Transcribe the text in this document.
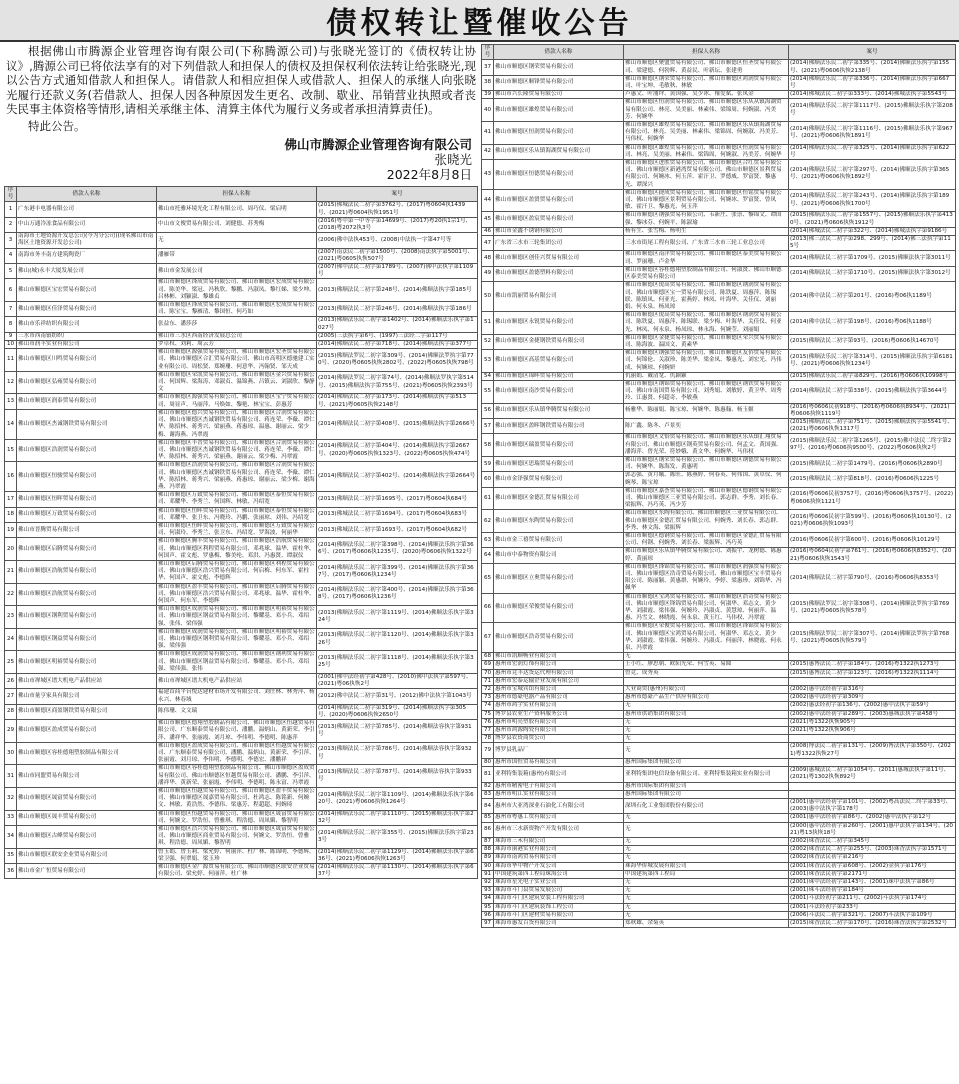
债权转让暨催收公告

根据佛山市腾源企业管理咨询有限公司(下称腾源公司)与张晓光签订的《债权转让协议》,腾源公司已将依法享有的对下列借款人和担保人的债权及担保权利依法转让给张晓光,现以公告方式通知借款人和担保人。请借款人和相应担保人或借款人、担保人的承继人向张晓光履行还款义务(若借款人、担保人因各种原因发生更名、改制、歇业、吊销营业执照或者丧失民事主体资格等情形,请相关承继主体、清算主体代为履行义务或者承担清算责任)。

特此公告。

佛山市腾源企业管理咨询有限公司
张晓光
2022年8月8日
序号	借款人名称	担保人名称	案号
1	广东港丰电器有限公司	佛山市托雅环境光化工程有限公司、周巧仪、梁启明	(2015)佛城法民二初字第3762号、(2017)粤0604执1439号、(2021)粤0604执恢1951号
2	中山万通冷冻食品有限公司	中山市文俊贸易有限公司、刘健德、苏秀梅	(2016)粤中第一中等字第14699号、(2017)粤20执1宗1号、(2018)粤2072执3号
3	南海市土地资源开发总公司(今为分公司)(现名佛山市南海区土地资源开发总公司)	无	(2006)佛中法执453号、(2008)中法执一字第47号等
4	南海市务丰南方建筑陶瓷厂	潘雁带	(2007)南法民二初字第1500号、(2008)南法执字第5001号、(2021)粤0605执恢507号
5	佛山(城)永丰大厦发展公司	佛山市金发展公司	(2007)佛中法民二初字第1789号、(2007)佛中法执字第1109号
6	佛山市顺德区宝宏贸易有限公司	佛山市顺德区锋成贸易有限公司、佛山市顺德区宏成贸易有限公司、陈美华、梁冠、冯秋欣、黎鹏、冯淑凤、黎红娣、梁少坤、吕林彬、刘颖淑、黎雄贞	(2013)佛顺法民二初字第248号、(2014)佛顺法执字第185号
7	佛山市顺德区佳泽贸易有限公司	佛山市顺德区锋成贸易有限公司、佛山市顺德区宏成贸易有限公司、陈宝宝、黎雁清、黎国恒、何巧如	(2013)佛顺法民二初字第246号、(2014)佛顺法执字第186号
8	佛山市乐祥纺织有限公司	张益东、潘莎莎	(2013)佛顺法乐民二初字第1402号、(2014)佛顺法乐执字第1027号
9	三水市西南镇纺织厂	佛山市三水区西南经济发展总公司	(2005)三法执字第6号、(1997)三法经二字第117号
10	佛山市润丰实业有限公司	罗卓权、刘莉、周云芳	(2014)佛顺法民二初字第718号、(2014)佛顺法执字第377号
11	佛山市顺德区川鸣贸易有限公司	佛山市顺德区源强贸易有限公司、佛山市顺德区宏圣贸易有限公司、佛山市顺德区合汇贸易有限公司、佛山市高明区德驰建工实业有限公司、周松贤、郑婉珊、何意华、冯翰贤、邹天成	(2015)佛顺法罗民二初字第309号、(2014)佛顺法罗执字第770号、(2020)粤0605执恢2802号、(2022)粤0605执恢798号
12	佛山市顺德区弘雍贸易有限公司	佛山市顺德区荣凯贸易有限公司、佛山市顺德区金兴贸易有限公司、何国辉、梁海涛、邓淑贞、温锦燕、吕镇云、刘淑欣、黎静文	(2014)佛顺法罗民二初字第74号、(2014)佛顺法罗执字第514号、(2015)佛顺法执字第755号、(2021)粤0605执恢2393号
13	佛山市顺德区润泰贸易有限公司	佛山市顺德区源强贸易有限公司、佛山市顺德区宝宁贸易有限公司、周显声、马丽萍、马焕如、黎艳、林宝宝、彭惠芳	(2014)佛顺法民二初字第173号、(2014)佛顺法执字第513号、(2021)粤0605执恢2148号
14	佛山市顺德区杰诚钢铁贸易有限公司	佛山市顺德区德兴贸易有限公司、佛山市顺德区合润贸易有限公司、佛山市顺德区杰诚钢铁贸易有限公司、蒋连荣、李薇、谭仁华、陈招林、蒋秀兴、梁丽燕、蒋惠琼、温惠、谢丽云、梁少梅、谢海燕、冯翠霞	(2014)佛顺法民二初字第408号、(2015)佛顺法执字第2666号
15	佛山市顺德区浩润贸易有限公司	佛山市顺德区丰晋贸易有限公司、佛山市顺德区合润贸易有限公司、佛山市顺德区杰诚钢铁贸易有限公司、蒋连荣、李薇、谭仁华、陈招林、蒋秀兴、梁丽燕、谢丽云、梁少梅、冯翠霞	(2014)佛顺法民二初字第404号、(2014)佛顺法执字第2667号、(2020)粤0605执恢1323号、(2022)粤0605执恢474号
16	佛山市顺德区恒骏贸易有限公司	佛山市顺德区浩润贸易有限公司、佛山市顺德区合润贸易有限公司、佛山市顺德区杰诚钢铁贸易有限公司、蒋连荣、李薇、谭仁华、陈招林、蒋秀兴、梁丽燕、蒋惠琼、谢丽云、梁少梅、谢海燕、冯翠霞	(2014)佛顺法民二初字第402号、(2014)佛顺法执字第2664号
17	佛山市顺德区恒晖贸易有限公司	佛山市顺德区万致贸易有限公司、佛山市顺德区泰恒贸易有限公司、邓耀华、李秀兰、何国辉、林敏、冯绍宽	(2013)佛顺法民二初字第1695号、(2017)粤0604执684号
18	佛山市顺德区万致贸易有限公司	佛山市顺德区恒晖贸易有限公司、佛山市顺德区泰恒贸易有限公司、邓耀华、张卫东、冯晓玲、冯鹏、张丽琼、刘伟、冯绍宽	(2013)佛城法民二初字第1694号、(2017)粤0604执683号
19	佛山市晋腾贸易有限公司	佛山市顺德区恒晖贸易有限公司、佛山市顺德区万致贸易有限公司、何淑玲、李秀兰、张卫东、冯绍宽、罗海波、何丽华	(2013)佛城法民二初字第1693号、(2017)粤0604执682号
20	佛山市顺德区启腾贸易有限公司	佛山市顺德区腾丰贸易有限公司、佛山市顺德区浩航贸易有限公司、佛山市顺德区利程贸易有限公司、邓兆球、温华、霍柱华、何国声、霍文彪、罗惠梅、黎美纶、邓洪、冯惠贤、谭淑仪	(2014)佛顺法乐民二初字第398号、(2014)佛顺法乐执字第366号、(2017)粤0606执1235号、(2020)粤0606执恢1322号
21	佛山市顺德区浩航贸易有限公司	佛山市顺德区启腾贸易有限公司、佛山市顺德区利程贸易有限公司、佛山市顺德区浩兴贸易有限公司、何启梅、何东军、霍柱华、何国声、霍文彪、李德辉	(2014)佛顺法乐民二初字第399号、(2014)佛顺法乐执字第367号、(2017)粤0606执1234号
22	佛山市顺德区浩航贸易有限公司	佛山市顺德区盈丰贸易有限公司、佛山市顺德区启腾贸易有限公司、佛山市顺德区浩兴贸易有限公司、邓兆球、温华、霍柱华、何国声、何东军、李德辉	(2014)佛顺法乐民二初字第400号、(2014)佛顺法乐执字第368号、(2017)粤0606执1236号
23	佛山市顺德区钢利贸易有限公司	佛山市顺德区成润贸易有限公司、佛山市顺德区明裕贸易有限公司、佛山市顺德区钢益贸易有限公司、黎耀基、邓小兵、邓绍强、张伟、梁伟强	(2013)佛顺法乐民二初字第1119号、(2014)佛顺法乐执字第324号
24	佛山市顺德区钢益贸易有限公司	佛山市顺德区成润贸易有限公司、佛山市顺德区明裕贸易有限公司、佛山市顺德区钢利贸易有限公司、黎耀基、邓小兵、邓绍强、梁伟强	(2013)佛顺法乐民二初字第1120号、(2014)佛顺法乐执字第326号
25	佛山市顺德区明裕贸易有限公司	佛山市顺德区成润贸易有限公司、佛山市顺德区钢利贸易有限公司、佛山市顺德区钢益贸易有限公司、黎耀基、邓小兵、邓绍强、梁伟强、张伟	(2013)佛顺法乐民二初字第1118号、(2014)佛顺法乐执字第325号
26	佛山市禅城区谱大机电产品供应站	佛山市禅城区谱大机电产品供应站	(2001)佛中法经初字第428号、(2010)佛中法执字第597号、(2021)粤06执恢2号
27	佛山市量亨家具有限公司	福建首商平台悦达建材市场开发有限公司、刘庄林、林秀萍、杨永兴、林春域	(2012)佛中法民二初字第31号、(2012)佛中法执字第1043号
28	佛山市顺德区商盈钢铁贸易有限公司	陈伟珊、文文瑞	(2014)佛顺法民二初字第319号、(2014)佛顺法执字第305号、(2020)粤0606执恢2650号
29	佛山市顺德区盈成贸易有限公司	佛山市顺德区德翔塑胶制品有限公司、佛山市顺德区恒越贸易有限公司、广东顺泰贸易有限公司、潘鹏、温炳山、黄新荣、李引萍、潘祥华、张丽霞、刘月琼、李伟明、李德明、陈惠萍	(2013)佛顺法民二初字第785号、(2014)佛顺法容执字第931号
30	佛山市顺德区容桂德翔塑胶制品有限公司	佛山市顺德区盈成贸易有限公司、佛山市顺德区恒越贸易有限公司、广东顺泰贸易有限公司、潘鹏、温炳山、黄新荣、李引萍、张丽霞、刘月琼、李伟明、李德明、李德宏、潘鹏祥	(2013)佛顺法民二初字第786号、(2014)佛顺法容执字第932号
31	佛山市同盟贸易有限公司	佛山市顺德区容桂德翔塑胶制品有限公司、佛山市顺德区盈成贸易有限公司、佛山市顺德区恒越贸易有限公司、潘鹏、李引萍、潘祥华、黄新荣、张丽霞、李伟明、李德明、陈永富、冯翠霞	(2013)佛顺法民二初字第787号、(2014)佛顺法容执字第933号
32	佛山市顺德区晟富贸易有限公司	佛山市顺德区恒越贸易有限公司、佛山市顺德区盈丰贸易有限公司、佛山市顺德区晟嘉贸易有限公司、杜鸿志、陈铭新、何婉文、林敏、黄浩然、李德伟、梁惠芳、程超超、何婉琦	(2014)佛顺法乐民二初字第1109号、(2014)佛顺法乐执字第620号、(2021)粤0606执恢1264号
33	佛山市顺德区晟丰贸易有限公司	佛山市顺德区恒越贸易有限公司、佛山市顺德区晟富贸易有限公司、何婉文、罗浩恒、曾雅琪、程浩德、周凤媚、黎智明	(2014)佛顺法乐民二初字第1110号、(2015)佛顺法乐执字第232号
34	佛山市顺德区古峰贸易有限公司	佛山市顺德区浩兴贸易有限公司、佛山市顺德区晟富贸易有限公司、佛山市顺德区商业贸易有限公司、何婉文、罗浩恒、曾雅琪、程浩德、周凤媚、黎智明	(2014)佛顺法乐民二初字第355号、(2015)佛顺法乐执字第233号
35	佛山市顺德区联安企业贸易有限公司	曾玉娟、曾玉莉、梁允婷、何丽萍、杜广林、陈锦明、李德辉、梁卫强、何翠娟、梁玉珍	(2014)佛顺法乐民二初字第1129号、(2014)佛顺法乐执字第636号、(2021)粤0606执恢1263号
36	佛山市金广恒贸易有限公司	佛山市顺德区金广源贸易有限公司、佛山市顺德区联安企业贸易有限公司、梁允婷、何丽萍、杜广林	(2014)佛顺法乐民二初字第1130号、(2014)佛顺法乐执字第637号
序号	借款人名称	担保人名称	案号
37	佛山市顺德区钢荣贸易有限公司	佛山市顺德区聚盟贸易有限公司、佛山市顺德区恒圣贸易有限公司、梁建德、何勃辉、黄益民、叶新坛、张建勇	(2014)佛顺法乐民二初字第335号、(2014)佛顺法乐执字第155号、(2021)粤0606执恢2138号
38	佛山市顺德区顺锋贸易有限公司	佛山市顺德区钢荣贸易有限公司、佛山市顺德区鸿润贸易有限公司、叶宝坤、毛敏秋、林敏	(2014)佛顺法乐民二初字第336号、(2014)佛顺法乐执字第667号
39	佛山市兴长隆贸易有限公司	卢惠文、叶浦坪、黄国强、吴少冰、罹爱斌、张凤金	(2014)佛城法民二初字第333号、(2014)佛城法执字第5543号
40	佛山市顺德区雄煌贸易有限公司	佛山市顺德区恒润贸易有限公司、佛山市顺德区乐从从镇海湖贸易有限公司、林亮、吴美丽、林素伟、梁锦周、何婉淑、冯美芳、何婉华	(2014)佛顺法乐民二初字第1117号、(2015)佛顺法乐执字第208号
41	佛山市顺德区恒润贸易有限公司	佛山市顺德区雄煌贸易有限公司、佛山市顺德区乐从镇海湖贸易有限公司、林亮、吴美丽、林素伟、梁锦周、何婉淑、冯美芳、马伟权、何婉华	(2014)佛顺法乐民二初字第1116号、(2015)佛顺法乐执字第967号、(2021)粤0606执恢1891号
42	佛山市顺德区乐从镇海湖贸易有限公司	佛山市顺德区雄煌贸易有限公司、佛山市顺德区恒润贸易有限公司、林亮、吴美丽、林素伟、梁锦周、何婉淑、冯美芳、何婉华	(2014)佛顺法乐民二初字第325号、(2014)佛顺法乐执字第622号
43	佛山市顺德区恒德贸易有限公司	佛山市顺德区进胜贸易有限公司、佛山市顺德区合红贸易有限公司、佛山市顺德区新港湾贸易有限公司、佛山市顺德区景利贸易有限公司、何婉冰、何玉萍、霍汗卫、罗德威、罗富贤、黎惠光、谭深兴	(2014)佛顺法乐民二初字第297号、(2014)佛顺法乐执字第365号、(2021)粤0606执恢1892号
44	佛山市顺德区盈贤贸易有限公司	佛山市顺德区捷成贸易有限公司、佛山市顺德区恒铭贸易有限公司、佛山市顺德区景利贸易有限公司、何婉冰、罗富贤、曾凤敏、霍汗卫、黎惠光、何玉萍	(2014)佛顺法乐民二初字第243号、(2014)佛顺法乐执字第189号、(2021)粤0606执恢1700号
45	佛山市顺德区盈宸贸易有限公司	佛山市顺德区钢强贸易有限公司、韦新庄、张崇、黎锦文、谭国强、黎冰芬、何婉平、陈淑瑜	(2015)佛顺法乐民二初字第1557号、(2015)佛顺法乐执字第4130号、(2021)粤0606执恢1912号
46	佛山市金鑫不锈钢有限公司	杨有生、张雪梅、杨明生	(2014)佛城法民二初字第322号、(2014)佛城法执字第9186号
47	广东省三水市三轮集团公司	三水市街尾工程有限公司、广东省三水市三轮工业总公司	(2013)佛三法民二初字第298、299号、(2014)佛三法执字第115号
48	佛山市顺德区创佳兴贸易有限公司	佛山市顺德区南洋贸易有限公司、佛山市顺德区泰美贸易有限公司、罗丽珊、卢金华	(2014)佛顺法民二初字第1709号、(2015)佛顺法执字第3011号
49	佛山市顺德区盈德塑料有限公司	佛山市顺德区容桂德翔塑胶制品有限公司、何淑贤、佛山市顺德区泰美贸易有限公司	(2014)佛顺法民二初字第1710号、(2015)佛顺法执字第3012号
50	佛山市凯丽贸易有限公司	佛山市顺德区锐高贸易有限公司、佛山市顺德区钢润贸易有限公司、佛山市顺德区宝一贸易有限公司、陈铁夏、周惠萍、陈锡联、陈镇凤、何亚光、霍燕婷、林凤、叶海华、关佳仪、刘丽娟、何永泉、杨凤琼	(2014)佛中法民二初字第201号、(2016)粤06执1189号
51	佛山市顺德区永锐贸易有限公司	佛山市顺德区锐高贸易有限公司、佛山市顺德区钢润贸易有限公司、陈铁夏、周惠萍、陈锡联、梁少梅、叶海华、关佳仪、何亚光、林凤、何永泉、杨凤琼、林永海、何婉莹、刘丽娟	(2014)佛中法民二初字第198号、(2016)粤06执1188号
52	佛山市顺德区金捷钢铁贸易有限公司	佛山市顺德区金捷贸易有限公司、佛山市顺德区荣兴贸易有限公司、陈海波、温国文、黄素华	(2015)佛顺法民二初字第93号、(2016)粤0606执14670号
53	佛山市顺德区高基贸易有限公司	佛山市顺德区钢强贸易有限公司、佛山市顺德区友侨贸易有限公司、何锦伦、关淑珍、陈美华、梁金凤、黎惠光、刘宏光、冯伟成、何婉琼、何婉妍	(2015)佛顺法乐民二初字第314号、(2015)佛顺法乐执字第6181号、(2021)粤0606执恢1234号
54	佛山市顺德区锦晖贸易有限公司	仇丽娟、戴清宽、仇颖颖	(2015)佛顺法乐民二初字第829号、(2016)粤0606执10998号
55	佛山市顺德区南沙贸易有限公司	佛山市顺德区钢锦贸易有限公司、佛山市顺德区钢铁贸易有限公司、佛山市南国贸易有限公司、刘秀娟、刘敏婷、黄卫华、周秀玲、江惠贤、何超奇、李敏燕	(2014)佛顺法民二初字第338号、(2015)佛顺法执字第3644号
56	佛山市顺德区乐从镇华腾贸易有限公司	杨雅华、陈丽娟、陈宝琼、何婉华、陈惠翰、杨玉姬	(2016)粤0606民初918号、(2016)粤0606执8934号、(2021)粤0606执恢1119号
57	佛山市顺德区盈晖钢铁贸易有限公司	陈广鑫、陈冬、卢景奕	(2015)佛顺法民二初字第751号、(2015)佛顺法执字第5541号、(2021)粤0606执恢1317号
58	佛山市顺德区瑞盈贸易有限公司	佛山市顺德区文怡贸易有限公司、佛山市顺德区乐从镇汇翔贸易有限公司、佛山市顺德区钢英贸易有限公司、何孟文、黄国强、潘海萍、曾光荣、符妙娥、黄文华、何婉华、马伟权	(2015)佛顺法乐民二初字第1265号、(2015)佛中法民二终字第297号、(2016)粤0606执9500号、(2022)粤0606执恢2号
59	佛山市顺德区思瑞贸易有限公司	佛山市顺德区钢荣贸易有限公司、佛山市顺德区钢德贸易有限公司、何婉华、陈海发、黄惠明	(2015)佛顺法民二初字第1479号、(2016)粤0606执2890号
60	佛山市金泽强贸易有限公司	郭志强、黄月娥、陈旺、陈燕婷、何春英、何伟国、黄卓仪、何婉琴、陈宝琼	(2015)佛顺法民二初字第818号、(2016)粤0606执1225号
61	佛山市顺德区金德汇贸易有限公司	佛山市顺德区嘉荟贸易有限公司、佛山市顺德区德钢贸易有限公司、佛山市顺德区三亚贸易有限公司、郭志群、李秀、刘长春、梁振辉、冯巧英、冯少芳	(2016)粤0606民初3757号、(2016)粤0606执3757号、(2022)粤0606执恢1121号
62	佛山市顺德区东陶贸易有限公司	佛山市顺德区东陶有限公司、佛山市顺德区三亚贸易有限公司、佛山市顺德区金德汇贸易有限公司、何婉秀、刘长春、郭志群、李秀、林文海、梁振辉	(2016)粤0606民初字第599号、(2016)粤0606执10130号、(2021)粤0606执恢1093号
63	佛山市金三禧贸易有限公司	佛山市顺德区德钢贸易有限公司、佛山市顺德区金德汇贸易有限公司、何钢、何婉秀、刘长春、梁振辉、冯巧英	(2016)粤0606民初字第600号、(2016)粤0606执10129号
64	佛山市中泰物资有限公司	佛山市顺德区乐从镇华腾贸易有限公司、刘振宇、龙树德、陈惠婷、黄丽琼	(2016)粤0604民初字第761号、(2016)粤0606执8352号、(2021)粤0606执恢1543号
65	佛山市顺德区立奥贸易有限公司	佛山市顺德区锋锦贸易有限公司、佛山市顺德区润强贸易有限公司、佛山市顺德区浩奇贸易有限公司、佛山市顺德区宝丰贸易有限公司、陈丽颖、黄惠群、何婉玲、李婷、梁惠珍、刘锦华、冯佩华	(2014)佛顺法民二初字第790号、(2016)粤0606执8353号
66	佛山市顺德区荣俊贸易有限公司	佛山市顺德区宝鸿贸易有限公司、佛山市顺德区浩奇贸易有限公司、佛山市顺德区锋锦贸易有限公司、何淑华、邓志文、黄少华、刘淑霞、梁伟强、何婉玲、冯淑贞、黄慧琼、何丽萍、温惠、冯雪文、林晓霞、何永泉、黄玉红、马伟权、冯翠霞	(2015)佛顺法罗民二初字第308号、(2014)佛顺法罗执字第769号、(2021)粤0605执恢578号
67	佛山市顺德区浩奇贸易有限公司	佛山市顺德区荣俊贸易有限公司、佛山市顺德区锋锦贸易有限公司、佛山市顺德区宝鸿贸易有限公司、何淑华、邓志文、黄少华、刘淑霞、梁伟强、何婉玲、冯淑贞、何丽萍、林晓霞、何永泉、冯翠霞	(2015)佛顺法罗民二初字第307号、(2014)佛顺法罗执字第768号、(2021)粤0605执恢579号
68	佛山市凯顺畅业有限公司	无	
69	惠州市宏润灯饰有限公司	王小红、廖思朝、欧阳光荣、何雪英、易圆	(2015)惠博法民二初字第184号、(2016)粤1322执1273号
70	惠州市竞丰达货运代理有限公司	曾竞、成秀英	(2015)惠博法民二初字第123号、(2016)粤1322执1114号
71	惠州市宏泰运输企业发展有限公司		
72	惠州市宝城宾馆有限公司	大业商贸(惠州)有限公司	(2002)惠中法经初字第316号
73	惠州市德豪电器产品有限公司	惠州市德豪产品生产供应有限公司	(2002)惠中法经初字第309号
74	惠州市鸿宇实业有限公司	无	(2002)惠法经初字第136号、(2002)惠中法执字第59号
75	博罗县农业生产资料服务公司	惠州市供销集团有限公司	(2002)惠中法经初字第289号、(2003)惠城法执字第458号
76	惠州市明亮塑胶有限公司	无	(2021)粤1322执恢905号
77	惠州市鸿源陶瓷有限公司	无	(2021)粤1322执恢906号
78	博罗县农资商贸公司	无	
79	博罗县乳品厂	无	(2008)博法民二初字第131号、(2009)博法执字第350号、(2021)粤1322执恢27号
80	惠州市国恒贸易有限公司	惠州国际集团有限公司	
81	亚利特集装箱(惠州)有限公司	亚利特集团电信设备有限公司、亚利特集装箱实业有限公司	(2009)惠城法民二初字第1054号、(2011)惠城法执字第11号、(2021)粤1302执恢892号
82	惠州市精密电子有限公司	惠州市国际集团有限公司	
83	惠州市明江实业有限公司	惠州国际集团有限公司	
84	惠州市大亚湾深业石油化工有限公司	深圳石化工业集团股份有限公司	(2001)惠中法经初字第101号、(2002)粤高法民二终字第33号、(2003)惠中法执字第178号
85	惠州市粤惠工贸有限公司	无	(2001)惠中法经初字第86号、(2002)惠中法执字第12号
86	惠州市三水新资物产开发有限公司	无	(2000)惠中法经初字第260号、(2001)惠中法执字第134号、(2021)粤13执恢18号
87	珠海市三禾有限公司	无	(2002)珠香法民二初字第345号
88	珠海市丽港实业有限公司	无	(2002)珠香法民二初字第255号、(2003)珠香法执字第1571号
89	珠海市南鸿贸易有限公司	无	(2002)珠香法民初字第216号
90	珠海市华中物产开发公司	珠海华侨城发展有限公司	(2001)珠香法民初字第608号、(2002)金执字第176号
91	中国建筑第四工程局珠海公司	中国建筑第四工程局	(2001)珠香法民初字第2171号
92	珠海市星光电子实业公司	无	(2001)珠中法经初字第143号、(2001)珠中法执字第86号
93	珠海市斗门县贸易发展公司	无	(2001)珠斗法经初字第184号
94	珠海市斗门区建筑安装工程有限公司	无	(2001)斗法经初字第211号、(2002)斗法执字第174号
95	珠海市斗门区建筑装饰工程公司	无	(2001)斗法经初字第233号
96	珠海市斗门区建材贸易有限公司	无	(2006)斗法民二初字第321号、(2007)斗法执字第109号
97	珠海市惠发百货有限公司	郑秋雄、余菊英	(2015)珠香法民二初字第170号、(2016)珠香法执字第2532号
